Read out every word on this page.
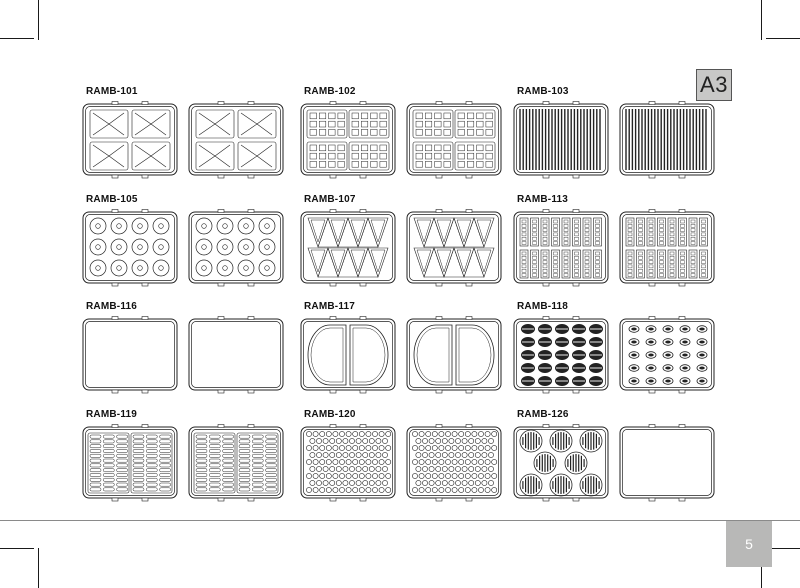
A3
RAMB-101	RAMB-102	RAMB-103
RAMB-105	RAMB-107	RAMB-113
RAMB-116	RAMB-117	RAMB-118
RAMB-119	RAMB-120	RAMB-126
5
